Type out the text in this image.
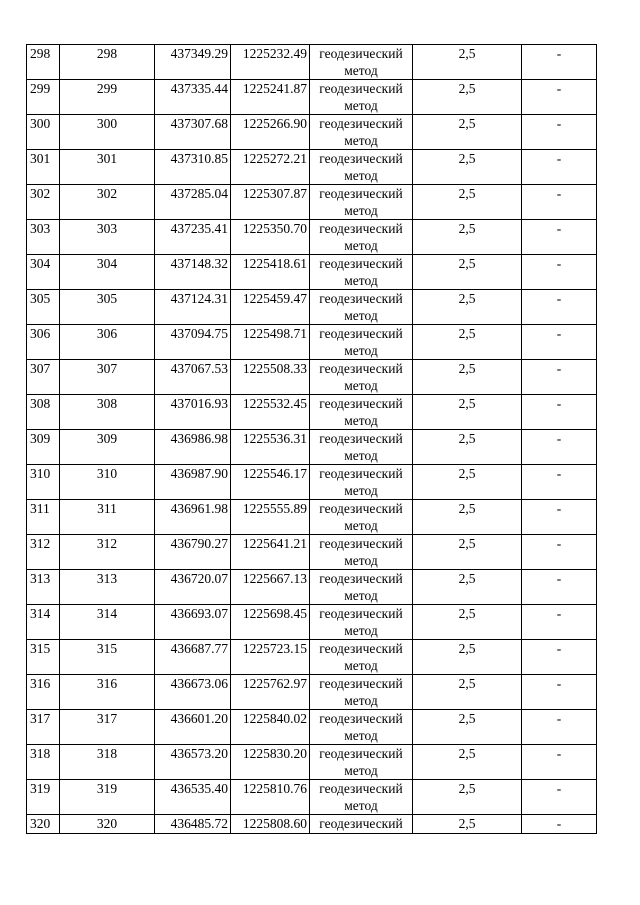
298	298	437349.29	1225232.49	геодезический метод	2,5	-
299	299	437335.44	1225241.87	геодезический метод	2,5	-
300	300	437307.68	1225266.90	геодезический метод	2,5	-
301	301	437310.85	1225272.21	геодезический метод	2,5	-
302	302	437285.04	1225307.87	геодезический метод	2,5	-
303	303	437235.41	1225350.70	геодезический метод	2,5	-
304	304	437148.32	1225418.61	геодезический метод	2,5	-
305	305	437124.31	1225459.47	геодезический метод	2,5	-
306	306	437094.75	1225498.71	геодезический метод	2,5	-
307	307	437067.53	1225508.33	геодезический метод	2,5	-
308	308	437016.93	1225532.45	геодезический метод	2,5	-
309	309	436986.98	1225536.31	геодезический метод	2,5	-
310	310	436987.90	1225546.17	геодезический метод	2,5	-
311	311	436961.98	1225555.89	геодезический метод	2,5	-
312	312	436790.27	1225641.21	геодезический метод	2,5	-
313	313	436720.07	1225667.13	геодезический метод	2,5	-
314	314	436693.07	1225698.45	геодезический метод	2,5	-
315	315	436687.77	1225723.15	геодезический метод	2,5	-
316	316	436673.06	1225762.97	геодезический метод	2,5	-
317	317	436601.20	1225840.02	геодезический метод	2,5	-
318	318	436573.20	1225830.20	геодезический метод	2,5	-
319	319	436535.40	1225810.76	геодезический метод	2,5	-
320	320	436485.72	1225808.60	геодезический	2,5	-
